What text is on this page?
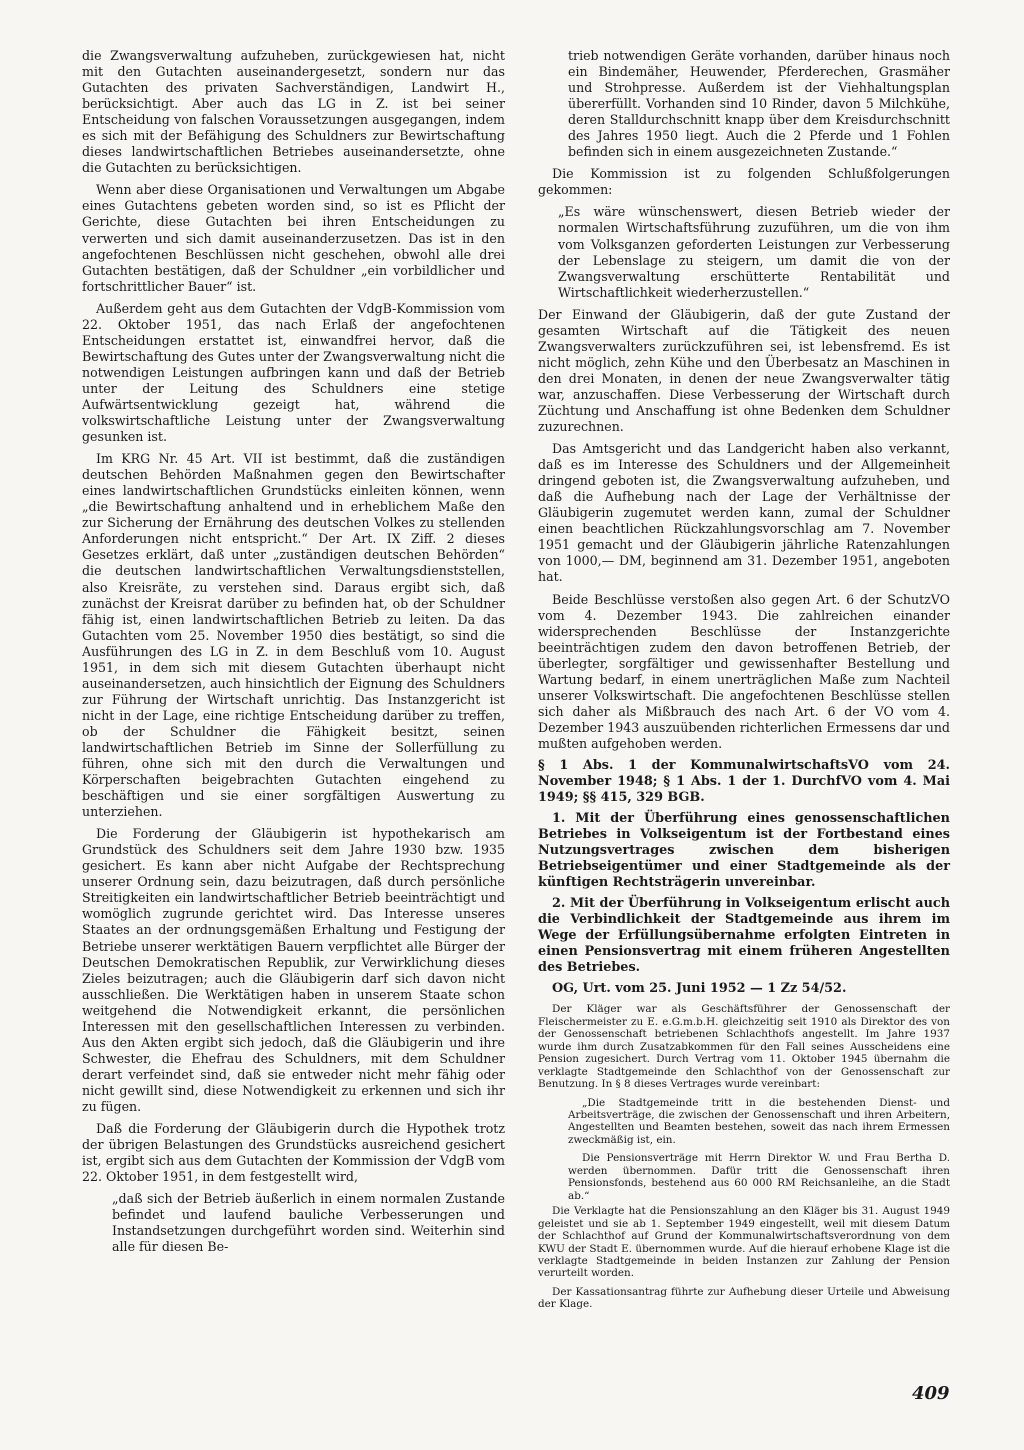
die Zwangsverwaltung aufzuheben, zurückgewiesen hat, nicht mit den Gutachten auseinandergesetzt, sondern nur das Gutachten des privaten Sachverständigen, Landwirt H., berücksichtigt. Aber auch das LG in Z. ist bei seiner Entscheidung von falschen Voraussetzungen ausgegangen, indem es sich mit der Befähigung des Schuldners zur Bewirtschaftung dieses landwirtschaftlichen Betriebes auseinandersetzte, ohne die Gutachten zu berücksichtigen.

Wenn aber diese Organisationen und Verwaltungen um Abgabe eines Gutachtens gebeten worden sind, so ist es Pflicht der Gerichte, diese Gutachten bei ihren Entscheidungen zu verwerten und sich damit auseinanderzusetzen. Das ist in den angefochtenen Beschlüssen nicht geschehen, obwohl alle drei Gutachten bestätigen, daß der Schuldner „ein vorbildlicher und fortschrittlicher Bauer“ ist.

Außerdem geht aus dem Gutachten der VdgB-Kommission vom 22. Oktober 1951, das nach Erlaß der angefochtenen Entscheidungen erstattet ist, einwandfrei hervor, daß die Bewirtschaftung des Gutes unter der Zwangsverwaltung nicht die notwendigen Leistungen aufbringen kann und daß der Betrieb unter der Leitung des Schuldners eine stetige Aufwärtsentwicklung gezeigt hat, während die volkswirtschaftliche Leistung unter der Zwangsverwaltung gesunken ist.

Im KRG Nr. 45 Art. VII ist bestimmt, daß die zuständigen deutschen Behörden Maßnahmen gegen den Bewirtschafter eines landwirtschaftlichen Grundstücks einleiten können, wenn „die Bewirtschaftung anhaltend und in erheblichem Maße den zur Sicherung der Ernährung des deutschen Volkes zu stellenden Anforderungen nicht entspricht.“ Der Art. IX Ziff. 2 dieses Gesetzes erklärt, daß unter „zuständigen deutschen Behörden“ die deutschen landwirtschaftlichen Verwaltungsdienststellen, also Kreisräte, zu verstehen sind. Daraus ergibt sich, daß zunächst der Kreisrat darüber zu befinden hat, ob der Schuldner fähig ist, einen landwirtschaftlichen Betrieb zu leiten. Da das Gutachten vom 25. November 1950 dies bestätigt, so sind die Ausführungen des LG in Z. in dem Beschluß vom 10. August 1951, in dem sich mit diesem Gutachten überhaupt nicht auseinandersetzen, auch hinsichtlich der Eignung des Schuldners zur Führung der Wirtschaft unrichtig. Das Instanzgericht ist nicht in der Lage, eine richtige Entscheidung darüber zu treffen, ob der Schuldner die Fähigkeit besitzt, seinen landwirtschaftlichen Betrieb im Sinne der Sollerfüllung zu führen, ohne sich mit den durch die Verwaltungen und Körperschaften beigebrachten Gutachten eingehend zu beschäftigen und sie einer sorgfältigen Auswertung zu unterziehen.

Die Forderung der Gläubigerin ist hypothekarisch am Grundstück des Schuldners seit dem Jahre 1930 bzw. 1935 gesichert. Es kann aber nicht Aufgabe der Rechtsprechung unserer Ordnung sein, dazu beizutragen, daß durch persönliche Streitigkeiten ein landwirtschaftlicher Betrieb beeinträchtigt und womöglich zugrunde gerichtet wird. Das Interesse unseres Staates an der ordnungsgemäßen Erhaltung und Festigung der Betriebe unserer werktätigen Bauern verpflichtet alle Bürger der Deutschen Demokratischen Republik, zur Verwirklichung dieses Zieles beizutragen; auch die Gläubigerin darf sich davon nicht ausschließen. Die Werktätigen haben in unserem Staate schon weitgehend die Notwendigkeit erkannt, die persönlichen Interessen mit den gesellschaftlichen Interessen zu verbinden. Aus den Akten ergibt sich jedoch, daß die Gläubigerin und ihre Schwester, die Ehefrau des Schuldners, mit dem Schuldner derart verfeindet sind, daß sie entweder nicht mehr fähig oder nicht gewillt sind, diese Notwendigkeit zu erkennen und sich ihr zu fügen.

Daß die Forderung der Gläubigerin durch die Hypothek trotz der übrigen Belastungen des Grundstücks ausreichend gesichert ist, ergibt sich aus dem Gutachten der Kommission der VdgB vom 22. Oktober 1951, in dem festgestellt wird,

„daß sich der Betrieb äußerlich in einem normalen Zustande befindet und laufend bauliche Verbesserungen und Instandsetzungen durchgeführt worden sind. Weiterhin sind alle für diesen Be-

trieb notwendigen Geräte vorhanden, darüber hinaus noch ein Bindemäher, Heuwender, Pferderechen, Grasmäher und Strohpresse. Außerdem ist der Viehhaltungsplan übererfüllt. Vorhanden sind 10 Rinder, davon 5 Milchkühe, deren Stalldurchschnitt knapp über dem Kreisdurchschnitt des Jahres 1950 liegt. Auch die 2 Pferde und 1 Fohlen befinden sich in einem ausgezeichneten Zustande.“

Die Kommission ist zu folgenden Schlußfolgerungen gekommen:

„Es wäre wünschenswert, diesen Betrieb wieder der normalen Wirtschaftsführung zuzuführen, um die von ihm vom Volksganzen geforderten Leistungen zur Verbesserung der Lebenslage zu steigern, um damit die von der Zwangsverwaltung erschütterte Rentabilität und Wirtschaftlichkeit wiederherzustellen.“

Der Einwand der Gläubigerin, daß der gute Zustand der gesamten Wirtschaft auf die Tätigkeit des neuen Zwangsverwalters zurückzuführen sei, ist lebensfremd. Es ist nicht möglich, zehn Kühe und den Überbesatz an Maschinen in den drei Monaten, in denen der neue Zwangsverwalter tätig war, anzuschaffen. Diese Verbesserung der Wirtschaft durch Züchtung und Anschaffung ist ohne Bedenken dem Schuldner zuzurechnen.

Das Amtsgericht und das Landgericht haben also verkannt, daß es im Interesse des Schuldners und der Allgemeinheit dringend geboten ist, die Zwangsverwaltung aufzuheben, und daß die Aufhebung nach der Lage der Verhältnisse der Gläubigerin zugemutet werden kann, zumal der Schuldner einen beachtlichen Rückzahlungsvorschlag am 7. November 1951 gemacht und der Gläubigerin jährliche Ratenzahlungen von 1000,— DM, beginnend am 31. Dezember 1951, angeboten hat.

Beide Beschlüsse verstoßen also gegen Art. 6 der SchutzVO vom 4. Dezember 1943. Die zahlreichen einander widersprechenden Beschlüsse der Instanzgerichte beeinträchtigen zudem den davon betroffenen Betrieb, der überlegter, sorgfältiger und gewissenhafter Bestellung und Wartung bedarf, in einem unerträglichen Maße zum Nachteil unserer Volkswirtschaft. Die angefochtenen Beschlüsse stellen sich daher als Mißbrauch des nach Art. 6 der VO vom 4. Dezember 1943 auszuübenden richterlichen Ermessens dar und mußten aufgehoben werden.

§ 1 Abs. 1 der KommunalwirtschaftsVO vom 24. November 1948; § 1 Abs. 1 der 1. DurchfVO vom 4. Mai 1949; §§ 415, 329 BGB.

1. Mit der Überführung eines genossenschaftlichen Betriebes in Volkseigentum ist der Fortbestand eines Nutzungsvertrages zwischen dem bisherigen Betriebseigentümer und einer Stadtgemeinde als der künftigen Rechtsträgerin unvereinbar.

2. Mit der Überführung in Volkseigentum erlischt auch die Verbindlichkeit der Stadtgemeinde aus ihrem im Wege der Erfüllungsübernahme erfolgten Eintreten in einen Pensionsvertrag mit einem früheren Angestellten des Betriebes.

OG, Urt. vom 25. Juni 1952 — 1 Zz 54/52.

Der Kläger war als Geschäftsführer der Genossenschaft der Fleischermeister zu E. e.G.m.b.H. gleichzeitig seit 1910 als Direktor des von der Genossenschaft betriebenen Schlachthofs angestellt. Im Jahre 1937 wurde ihm durch Zusatzabkommen für den Fall seines Ausscheidens eine Pension zugesichert. Durch Vertrag vom 11. Oktober 1945 übernahm die verklagte Stadtgemeinde den Schlachthof von der Genossenschaft zur Benutzung. In § 8 dieses Vertrages wurde vereinbart:

„Die Stadtgemeinde tritt in die bestehenden Dienst- und Arbeitsverträge, die zwischen der Genossenschaft und ihren Arbeitern, Angestellten und Beamten bestehen, soweit das nach ihrem Ermessen zweckmäßig ist, ein.

Die Pensionsverträge mit Herrn Direktor W. und Frau Bertha D. werden übernommen. Dafür tritt die Genossenschaft ihren Pensionsfonds, bestehend aus 60 000 RM Reichsanleihe, an die Stadt ab.“

Die Verklagte hat die Pensionszahlung an den Kläger bis 31. August 1949 geleistet und sie ab 1. September 1949 eingestellt, weil mit diesem Datum der Schlachthof auf Grund der Kommunalwirtschaftsverordnung von dem KWU der Stadt E. übernommen wurde. Auf die hierauf erhobene Klage ist die verklagte Stadtgemeinde in beiden Instanzen zur Zahlung der Pension verurteilt worden.

Der Kassationsantrag führte zur Aufhebung dieser Urteile und Abweisung der Klage.

409
